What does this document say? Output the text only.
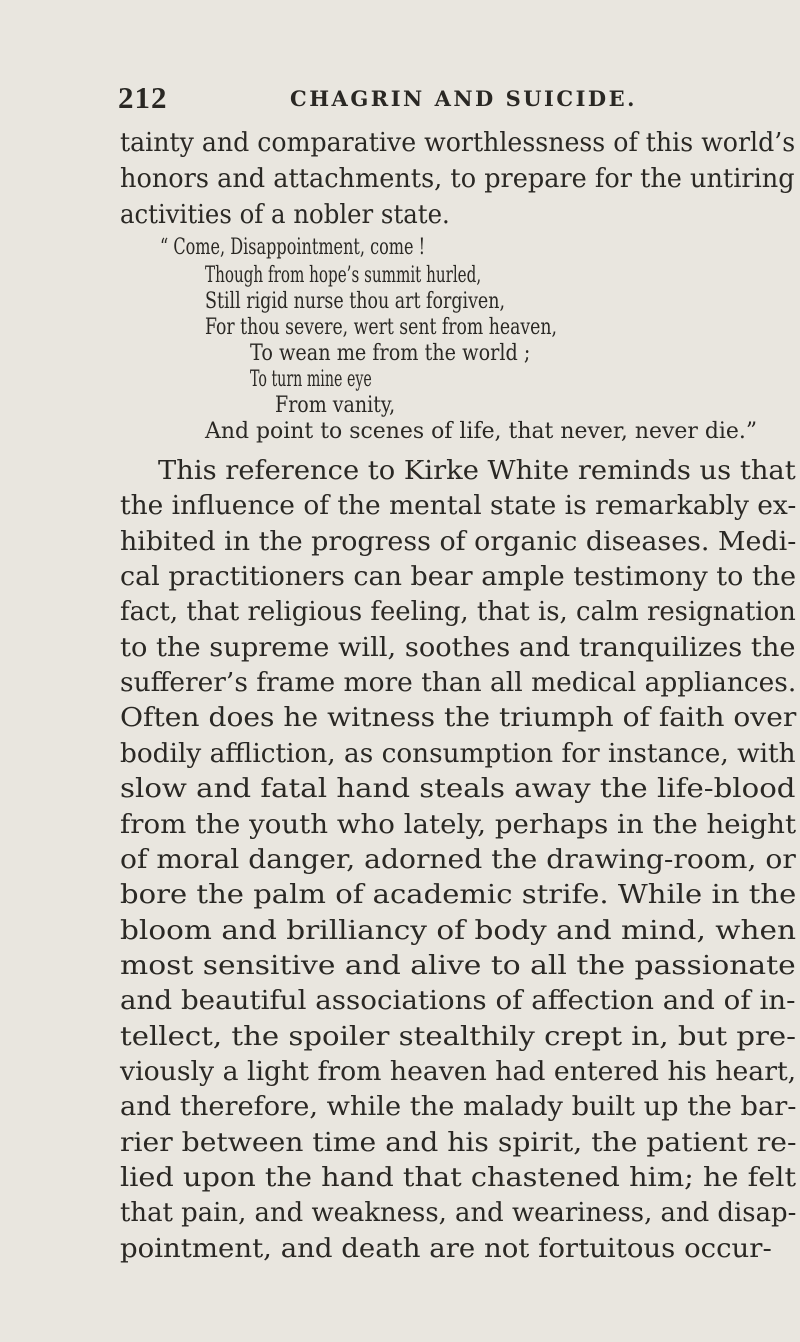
212	CHAGRIN AND SUICIDE.
tainty and comparative worthlessness of this world’s
honors and attachments, to prepare for the untiring
activities of a nobler state.
“ Come, Disappointment, come !
Though from hope’s summit hurled,
Still rigid nurse thou art forgiven,
For thou severe, wert sent from heaven,
To wean me from the world ;
To turn mine eye
From vanity,
And point to scenes of life, that never, never die.”
This reference to Kirke White reminds us that
the influence of the mental state is remarkably ex-
hibited in the progress of organic diseases. Medi-
cal practitioners can bear ample testimony to the
fact, that religious feeling, that is, calm resignation
to the supreme will, soothes and tranquilizes the
sufferer’s frame more than all medical appliances.
Often does he witness the triumph of faith over
bodily affliction, as consumption for instance, with
slow and fatal hand steals away the life-blood
from the youth who lately, perhaps in the height
of moral danger, adorned the drawing-room, or
bore the palm of academic strife. While in the
bloom and brilliancy of body and mind, when
most sensitive and alive to all the passionate
and beautiful associations of affection and of in-
tellect, the spoiler stealthily crept in, but pre-
viously a light from heaven had entered his heart,
and therefore, while the malady built up the bar-
rier between time and his spirit, the patient re-
lied upon the hand that chastened him; he felt
that pain, and weakness, and weariness, and disap-
pointment, and death are not fortuitous occur-
